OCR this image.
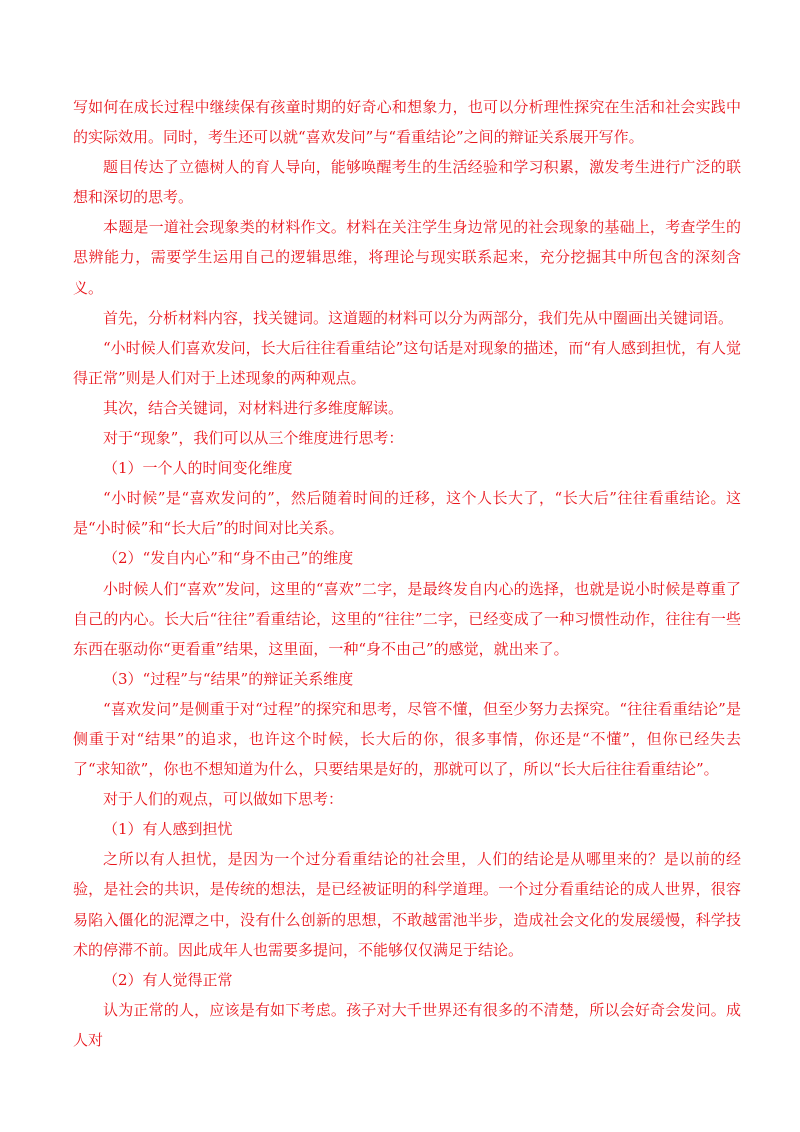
写如何在成长过程中继续保有孩童时期的好奇心和想象力，也可以分析理性探究在生活和社会实践中的实际效用。同时，考生还可以就“喜欢发问”与“看重结论”之间的辩证关系展开写作。

题目传达了立德树人的育人导向，能够唤醒考生的生活经验和学习积累，激发考生进行广泛的联想和深切的思考。

本题是一道社会现象类的材料作文。材料在关注学生身边常见的社会现象的基础上，考查学生的思辨能力，需要学生运用自己的逻辑思维，将理论与现实联系起来，充分挖掘其中所包含的深刻含义。

首先，分析材料内容，找关键词。这道题的材料可以分为两部分，我们先从中圈画出关键词语。

“小时候人们喜欢发问，长大后往往看重结论”这句话是对现象的描述，而“有人感到担忧，有人觉得正常”则是人们对于上述现象的两种观点。

其次，结合关键词，对材料进行多维度解读。

对于“现象”，我们可以从三个维度进行思考：

（1）一个人的时间变化维度

“小时候”是“喜欢发问的”，然后随着时间的迁移，这个人长大了，“长大后”往往看重结论。这是“小时候”和“长大后”的时间对比关系。

（2）“发自内心”和“身不由己”的维度

小时候人们“喜欢”发问，这里的“喜欢”二字，是最终发自内心的选择，也就是说小时候是尊重了自己的内心。长大后“往往”看重结论，这里的“往往”二字，已经变成了一种习惯性动作，往往有一些东西在驱动你“更看重”结果，这里面，一种“身不由己”的感觉，就出来了。

（3）“过程”与“结果”的辩证关系维度

“喜欢发问”是侧重于对“过程”的探究和思考，尽管不懂，但至少努力去探究。“往往看重结论”是侧重于对“结果”的追求，也许这个时候，长大后的你，很多事情，你还是“不懂”，但你已经失去了“求知欲”，你也不想知道为什么，只要结果是好的，那就可以了，所以“长大后往往看重结论”。

对于人们的观点，可以做如下思考：

（1）有人感到担忧

之所以有人担忧，是因为一个过分看重结论的社会里，人们的结论是从哪里来的？是以前的经验，是社会的共识，是传统的想法，是已经被证明的科学道理。一个过分看重结论的成人世界，很容易陷入僵化的泥潭之中，没有什么创新的思想，不敢越雷池半步，造成社会文化的发展缓慢，科学技术的停滞不前。因此成年人也需要多提问，不能够仅仅满足于结论。

（2）有人觉得正常

认为正常的人，应该是有如下考虑。孩子对大千世界还有很多的不清楚，所以会好奇会发问。成人对
